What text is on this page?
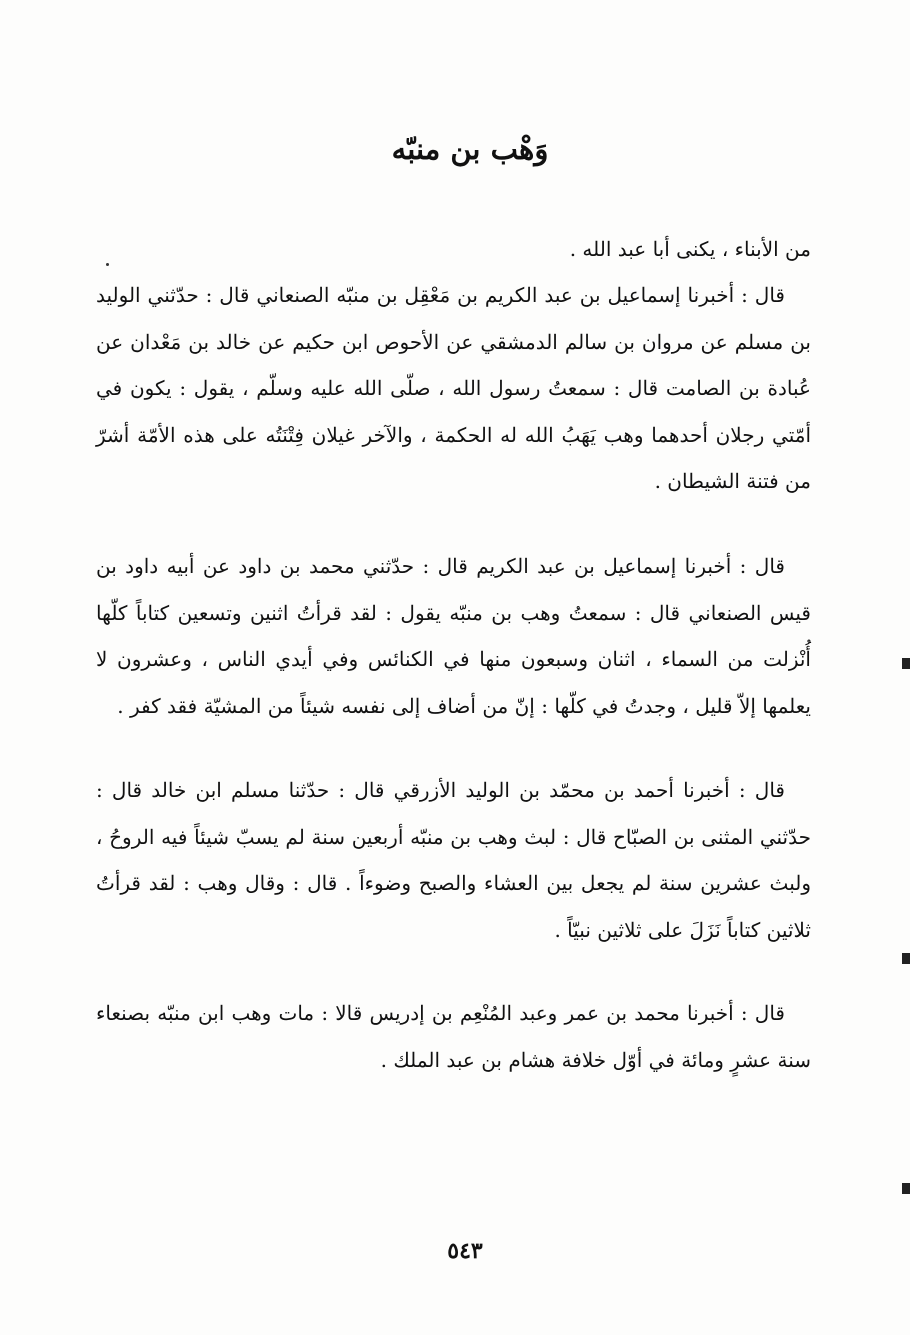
وَهْب بن منبّه

من الأبناء ، يكنى أبا عبد الله .

قال : أخبرنا إسماعيل بن عبد الكريم بن مَعْقِل بن منبّه الصنعاني قال : حدّثني الوليد بن مسلم عن مروان بن سالم الدمشقي عن الأحوص ابن حكيم عن خالد بن مَعْدان عن عُبادة بن الصامت قال : سمعتُ رسول الله ، صلّى الله عليه وسلّم ، يقول : يكون في أمّتي رجلان أحدهما وهب يَهَبُ الله له الحكمة ، والآخر غيلان فِتْنَتُه على هذه الأمّة أشرّ من فتنة الشيطان .

قال : أخبرنا إسماعيل بن عبد الكريم قال : حدّثني محمد بن داود عن أبيه داود بن قيس الصنعاني قال : سمعتُ وهب بن منبّه يقول : لقد قرأتُ اثنين وتسعين كتاباً كلّها أُنْزلت من السماء ، اثنان وسبعون منها في الكنائس وفي أيدي الناس ، وعشرون لا يعلمها إلاّ قليل ، وجدتُ في كلّها : إنّ من أضاف إلى نفسه شيئاً من المشيّة فقد كفر .

قال : أخبرنا أحمد بن محمّد بن الوليد الأزرقي قال : حدّثنا مسلم ابن خالد قال : حدّثني المثنى بن الصبّاح قال : لبث وهب بن منبّه أربعين سنة لم يسبّ شيئاً فيه الروحُ ، ولبث عشرين سنة لم يجعل بين العشاء والصبح وضوءاً . قال : وقال وهب : لقد قرأتُ ثلاثين كتاباً نَزَلَ على ثلاثين نبيّاً .

قال : أخبرنا محمد بن عمر وعبد المُنْعِم بن إدريس قالا : مات وهب ابن منبّه بصنعاء سنة عشرٍ ومائة في أوّل خلافة هشام بن عبد الملك .

٥٤٣
